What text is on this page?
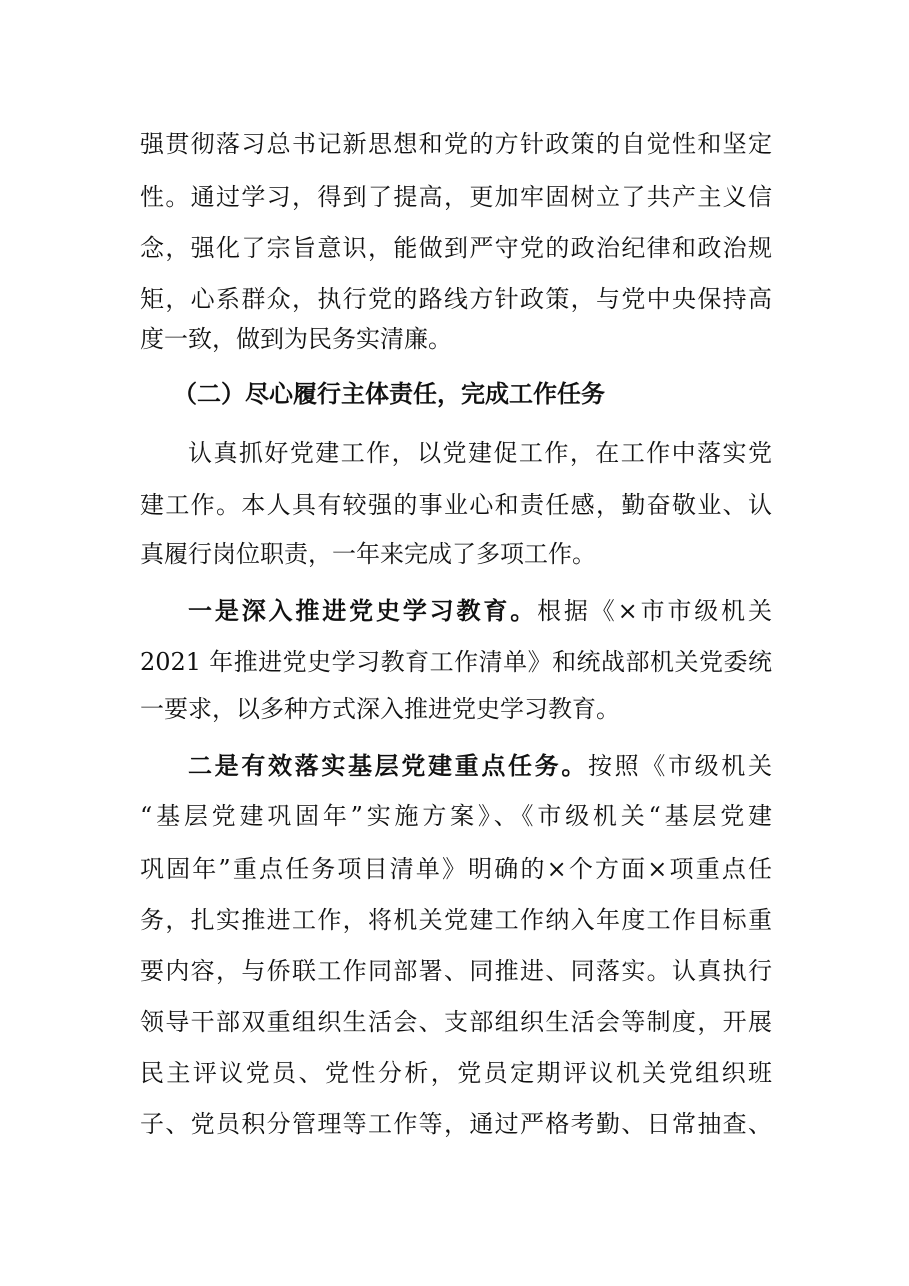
强贯彻落习总书记新思想和党的方针政策的自觉性和坚定
性。通过学习，得到了提高，更加牢固树立了共产主义信
念，强化了宗旨意识，能做到严守党的政治纪律和政治规
矩，心系群众，执行党的路线方针政策，与党中央保持高
度一致，做到为民务实清廉。
（二）尽心履行主体责任，完成工作任务
认真抓好党建工作，以党建促工作，在工作中落实党
建工作。本人具有较强的事业心和责任感，勤奋敬业、认
真履行岗位职责，一年来完成了多项工作。
一是深入推进党史学习教育。根据《×市市级机关
2021 年推进党史学习教育工作清单》和统战部机关党委统
一要求，以多种方式深入推进党史学习教育。
二是有效落实基层党建重点任务。按照《市级机关
“基层党建巩固年”实施方案》、《市级机关“基层党建
巩固年”重点任务项目清单》明确的×个方面×项重点任
务，扎实推进工作，将机关党建工作纳入年度工作目标重
要内容，与侨联工作同部署、同推进、同落实。认真执行
领导干部双重组织生活会、支部组织生活会等制度，开展
民主评议党员、党性分析，党员定期评议机关党组织班
子、党员积分管理等工作等，通过严格考勤、日常抽查、
